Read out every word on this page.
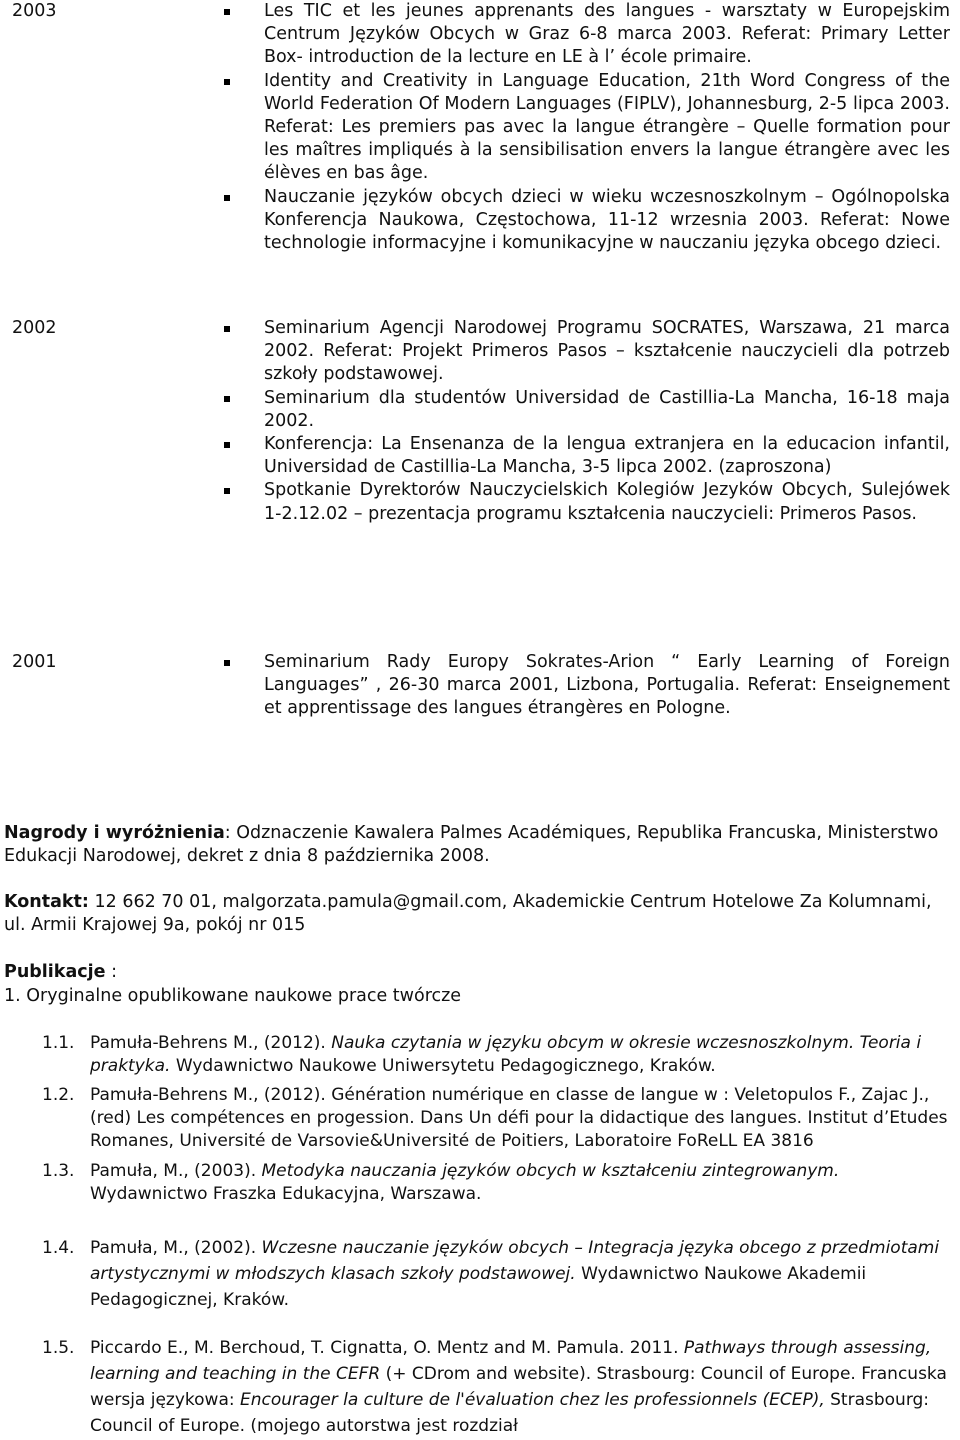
2003	Les TIC et les jeunes apprenants des langues - warsztaty w Europejskim Centrum Języków Obcych w Graz 6-8 marca 2003. Referat: Primary Letter Box- introduction de la lecture en LE à l’ école primaire.
Identity and Creativity in Language Education, 21th Word Congress of the World Federation Of Modern Languages (FIPLV), Johannesburg, 2-5 lipca 2003. Referat: Les premiers pas avec la langue étrangère – Quelle formation pour les maîtres impliqués à la sensibilisation envers la langue étrangère avec les élèves en bas âge.
Nauczanie języków obcych dzieci w wieku wczesnoszkolnym – Ogólnopolska Konferencja Naukowa, Częstochowa, 11-12 wrzesnia 2003. Referat: Nowe technologie informacyjne i komunikacyjne w nauczaniu języka obcego dzieci.
2002	Seminarium Agencji Narodowej Programu SOCRATES, Warszawa, 21 marca 2002. Referat: Projekt Primeros Pasos – kształcenie nauczycieli dla potrzeb szkoły podstawowej.
Seminarium dla studentów Universidad de Castillia-La Mancha, 16-18 maja 2002.
Konferencja: La Ensenanza de la lengua extranjera en la educacion infantil, Universidad de Castillia-La Mancha, 3-5 lipca 2002. (zaproszona)
Spotkanie Dyrektorów Nauczycielskich Kolegiów Jezyków Obcych, Sulejówek 1-2.12.02 – prezentacja programu kształcenia nauczycieli: Primeros Pasos.
2001	Seminarium Rady Europy Sokrates-Arion “ Early Learning of Foreign Languages” , 26-30 marca 2001, Lizbona, Portugalia. Referat: Enseignement et apprentissage des langues étrangères en Pologne.
Nagrody i wyróżnienia: Odznaczenie Kawalera Palmes Académiques, Republika Francuska, Ministerstwo Edukacji Narodowej, dekret z dnia 8 października 2008.
Kontakt: 12 662 70 01, malgorzata.pamula@gmail.com, Akademickie Centrum Hotelowe Za Kolumnami, ul. Armii Krajowej 9a, pokój nr 015
Publikacje :
1. Oryginalne opublikowane naukowe prace twórcze
1.1. Pamuła-Behrens M., (2012). Nauka czytania w języku obcym w okresie wczesnoszkolnym. Teoria i praktyka. Wydawnictwo Naukowe Uniwersytetu Pedagogicznego, Kraków.
1.2. Pamuła-Behrens M., (2012). Génération numérique en classe de langue w : Veletopulos F., Zajac J., (red) Les compétences en progession. Dans Un défi pour la didactique des langues. Institut d’Etudes Romanes, Université de Varsovie&Université de Poitiers, Laboratoire FoReLL EA 3816
1.3. Pamuła, M., (2003). Metodyka nauczania języków obcych w kształceniu zintegrowanym. Wydawnictwo Fraszka Edukacyjna, Warszawa.
1.4. Pamuła, M., (2002). Wczesne nauczanie języków obcych – Integracja języka obcego z przedmiotami artystycznymi w młodszych klasach szkoły podstawowej. Wydawnictwo Naukowe Akademii Pedagogicznej, Kraków.
1.5. Piccardo E., M. Berchoud, T. Cignatta, O. Mentz and M. Pamula. 2011. Pathways through assessing, learning and teaching in the CEFR (+ CDrom and website). Strasbourg: Council of Europe. Francuska wersja językowa: Encourager la culture de l'évaluation chez les professionnels (ECEP), Strasbourg: Council of Europe. (mojego autorstwa jest rozdział
